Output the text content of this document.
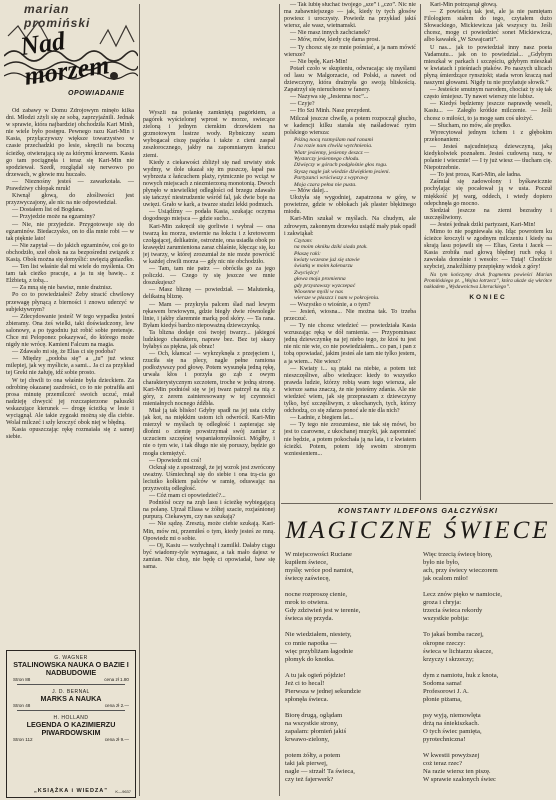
marian promiński
Nad morzem
OPOWIADANIE

Od zabawy w Domu Zdrojowym minęło kilka dni. Młodzi zżyli się ze sobą, zaprzyjaźnili. Jednak w sprawie, która najbardziej obchodziła Kari Minh, nie wiele było postępu. Pewnego razu Kari-Min i Kasia, przyłączywszy większe towarzystwo w czasie przechadzki po lesie, skręcili na boczną ścieżkę, otwierającą się za którymś krzewem. Kasia go tam pociągnęła i teraz się Kari-Min nie spodziewał. Szedł, rozglądał się nerwowo po drzewach, w głowie mu huczało.

— Nieznośny jesteś — zawarkotała. — Prawdziwy chłopak mruk!

Kiwnął głową, do złośliwości jest przyzwyczajony, ale nic na nie odpowiedział.

— Dostałem list od Bogdana.

— Przyjedzie może na egzaminy?

— Nie, nie przyjedzie. Przygotowuje się do egzaminów. Biedaczysko, on to dla mnie robi — w tak pięknie lato!

— Nie zapytał — do jakich egzaminów, coś go to obchodziło, szeł obok na za bezpośredni związek z Kasią. Obok można się domyślić: uwięzią gniazdko.

— Ten list właśnie dał mi wiele do myślenia. On tam tak cieżko pracuje, a ja tu się bawię... z Elżbietą, z tobą...

— Za mną się nie bawisz, mnie drażnisz.

Po co to powiedziałeś? Żeby stracić chwilowy przewagę płynącą z bierności i znowu uderzyć w subjektywnym?

— Zdecydowanie jesteś! W tego wypadku jesteś zbieramy. Ona żeś wielki, taki doświadczony, lew salonowy, a po tygodniu już robić sobie pretensje. Chce mi Peloponez pokazywać, do którego może nigdy nie wrócę. Kamieni Falcum na magia.

— Zdawało mi się, że Elias ci się podoba?

— Między „podoba się” a „tu” już wiesz milepiej, jak wy myślicie, a sami... Ja ci za przykład tej Greki nie żałuję, idź sobie prosto.

W tej chwili to ona właśnie była dzieckiem. Za odrobinę okazanej zazdrości, co to nie potrafiła ani prosa minutę przemilczeć swoich uczuć, miał nadzieję chwycić jej rozczapierzone paluszki wskazujące kierunek — drogę ścieżką w lesie i wyciągnął. Ale takie zygzaki możną się dla ciebie. Wolał milczeć i szły kroczyć obok niej w błędną.

Kasia opuszczając rękę rozmaiała się z samej siebie.

G. WAGNER
STALINOWSKA NAUKA O BAZIE I NADBUDOWIE
Stron 88	cena zł 1.80
J. D. BERNAL
MARKS A NAUKA
Stron 48	cena zł 2.—
H. HOLLAND
LEGENDA O KAZIMIERZU PIWARDOWSKIM
Stron 112	cena zł 9.—
„KSIĄŻKA i WIEDZA” K—9637

Wyszli na polankę zamkniętą pagórkiem, a pagórek wyścielonej wprost w morze, swiecące zieloną i jednym ciemkim drzewkiem na grzmotowym lustrze wody. Rybniczny szum wybogacał ciszę pagórka i także z cieni zaspał zeszłorocznego, jakby na zapomnianym krańcu ziemi.

Kiedy z ciekawości zbliżył się nad urwisty stok wydmy, w dole ukazał się im puszczę, łapał pas wybrzeża z łańcuchem plaży, rytmicznie po wciąż w nowych miejscach z niezmierzoną monotonią. Dwoch płynęło w niewielkiej odległości od brzegu zdawało się tańczyć niestrudzenie wśród fal, jak dwie boje na uwięzi. Grało w kark, a twarze studzi lekki podmuch.

— Usiądźmy — podała Kasia, szukając oczyma dogodnego miejsca — gdzie sucho...

Kari-Min zakręcił się gorliwie i wybrał — ona twarzą ku morzu, uwiernie na łokciu i z kretowcem czołgającej, delikatnie, ostrożnie, ona usiadła obok po krawędzi zarumieniona zaraz chlaśnie, kłęcząc się, ku jej twarzy, w której zrozumiał że nie może powrócić w każdej chwili morza — gdy nic nie obchodziło.

— Tam, tam nie patrz — obróciła go za jego policzki. — Czego ty się jeszcze we mnie doszukujesz?

— Masz bliznę — powiedział. — Malutenką, delikatną bliznę.

— Mam — przykryła palcem ślad nad lewym rękawem brwiowym, gdzie biegły dwie równoległe linie, i jakby zlaremnie marką pod skóry. — Ta rana. Byłam kiedyś bardzo niepoważną dziewczynką.

Ta blizna dodaje coś twojej twarzy... jakiegoś ludzkiego charakteru, napraw bez. Bez tej skazy byłabyś za piękna, jak obraz!

— Och, kłamca! — wykrzyknęła z przejęciem i, rzuciła się na plecy, nagle pełne ramiona podłożywszy pod głowę. Potem wysunęła jedną rękę, urwała kłos i porzyła go ząb z owym charakterystycznym szczotem, troche w jedną stronę. Kari-Min podniósł się w jej twarz patrzył na nią z góry, z zerem zainteresowany w tej czynności mieniałnych nocnego źdźbła.

Miał ją tak blisko! Gdyby spadł na jej usta cichy jak kot, na miękkim ustom ich odwrócił. Kari-Min mierzył w myślach tę odległość i zapierając się dłońmi o ziemię powstrzymał swój zamiar z uczuciem szczęśnej wspaniałomyślności. Mógłby, i nie o tym wie, i tak długo nie się poruszy, będzie go mogła ciemiężyć.

— Opowiedz mi coś!

Ocknął się z spostrzegł, że jej wzrok jest zwrócony uważny. Uśmiechnął się do siebie i ona trą-cia go leciutko kołkiem palców w ramię, oduswając na przyzwoitą odległość.

— Cóż mam ci opowiedzieć?...

Podniósł oczy na zrąb lasu i ścieżkę wybiegającą na polanę. Ujrzał Eliasa w żółtej szacie, rozjaśnionej purpurą. Ciekawym, czy nas szukają?

— Nie sądzę. Zresztą, może ciebie szukają. Kari-Min, mów mi, przemiłeś o tym, kiedy jesteś ze mną. Opowiedz mi o sobie.

— Oj, Kasiu — wzdychnął i zamilkł. Dałaby ciągu być wiadomy-tyle wymagasz, a tak mało dajesz w zamian. Nie chcę, nie będę ci opowiadał, baw się sama.

— Tak lubię słuchać twojego „sze” i „czo”. Nic nie ma zabawniejszego — jak, kiedy ty tych głosów powiesz i uroczysty. Powiedz na przykład jakiś wiersz, ale wasz, wietnamski.

— Nie masz innych zachcianek?

— Mów, mów, kiedy cię dama prosi.

— Ty chcesz się ze mnie pośmiać, a ja nam mówić wiersze?

— Nie będę, Kari-Min!

Potarł czoło w skupieniu, odwracając się myślami od lasu w Malgorzacie, od Polski, a nawet od dziewczyny, która drażnyła go swoją bliskością. Zapatrzył się nieruchomo w fanery.

— Nazywa się „Jesienna noc”...

— Czyje?

— Ho Szi Minh. Nasz prezydent.

Milczał jeszcze chwilę, a potem rozpoczął głucho, w kadencji kilku starała się naśladować rytm polskiego wiersza:

Późną nocą rozmyślam nad ranami

I na rozie nam chwila wytchnienia.

Wiatr jesienny, jesienny deszcz —

Wystarczy jesiennego chłodu.

Dźwięczy w górach podgłośnie głos rogu.

Styszę nagle jak wiedzie dźwiękiem jesieni.

Partyzanci wróciwszy z wyprawy

Moja czara pełna nie pusta.

— Mów dalej...

Ułożyła się wygodniej, zapatrzona w górę, w powietrze, gdzie w obłokach jak plaster błękitnego miodu.

Kari-Min szukał w myślach. Na chudym, ale zdrowym, zakonnym drzewku usiądź mały ptak opadł i zakwiąkał:

Czytam:

na moim okniku dziki siada ptak.

Płaszę raki:

kwiaty wczesne już się stawie

światłą w moim kalenarzu

Zwyciężcy!

głowa moja promienna

gdy przystawszy wyzczepać

Wiosenne myśli w nas

wiersze w płaszcz i nam w pokrojeniu.

— Wszystko o wiośnie, a o tym?

— Jesień, wiosna... Nie można tak. To trzeba przeczuć.

— Ty nie chcesz wiedzieć — powiedziała Kasia wzruszając ręką w dół ramienia. — Przypominasz jedną dziewczynkę na jej niebo tego, że ktoś tu jest nie nic nie wie, co nie powiedziałem... co pan, i pan z tobą opowiadać, jakim jesteś ale tam nie tylko jestem, a ja wiem... Nie wiesz?

— Kwiaty i... są ptaki na niebie, a potem też nieszczęśliwe, albo wiedzące: kiedy to wszystko prawda ludzie, którzy robią wam tego wiersza, ale wiersze sama znaczą, że nie jesteśmy zdania. Ale nie wiedzieć wiem, jak się przepraszam z dziewczyny tylko, być szczęśliwym, z ukochanych, tych, którzy odchodzą, co się zdarza ponoć ale nie dla nich?

— Ładnie, z biegiem lat...

— Ty tego nie zrozumiesz, nie tak się mówi, bo jest to czarowne, z ukochanej muzyki, jak zapomnieć nie będzie, a potem pokochała ją na lata, i z kwiatem ścieżki. Potem, potem idę swoim stromym wzniesieniem...

Kari-Min potrząsnął głową.

— Z powieścią tak jest, ale ja nie pamiętam Filologiem stałem do tego, czytałem dużo Słowackiego, Mickiewicza jak wszyscy tu. Jeśli chcesz, mogę ci powiedzieć sonet Mickiewicza, albo kawałek „W Szwajcarii”.

U nas... jak to powiedział inny nasz poeta Vadamutu... jak on to powiedział... „Gdybym mieszkał w parkach i szczęściu, gdybym mieszkał w kwiatach i pieśniach ptaków. Po naszych ulicach płyną śmierdzące rynsztoki; stada wron kraczą nad naszymi głowami. Nigdy tu nie przylatuje słowik.”

— Jesteście smutnym narodem, chociaż ty się tak często śmiejesz. Ty nawet wierszy nie lubisz.

— Kiedyś będziemy jeszcze naprawdę weseli, Kasiu... — Załegło krótkie milczenie. — Jeśli chcesz o miłości, to ja mogę sam coś ułożyć.

— Słucham, no mów, ale prędko.

Wyrecytował jednym tchem i z głębokim przekonaniem:

— Jesteś najcudniejszą dziewczyną, jaką kiedykolwiek poznałem. Jesteś cudowną razą, w polanie i wiecznie! — I ty już wiesz — tłucham cię. Niepotrzebnie.

— To jest proza, Kari-Min, ale ładna.

Zaśmiał się zadowolony i byśkawicznie pochylając się pocałował ją w usta. Poczuł miękkość jej warg, oddech, i wtedy dopiero odepchnęła go mocno.

Siedział jeszcze na ziemi bezradny i uszczęśliwiony.

— Jesteś jednak dziki partyzant, Kari-Min!

Mimo to nie pogniewała się. Idąc powrotem ku ścieżce kroczyli w zgodnym milczeniu i kiedy na skrają lasu pojawili się — Elias, Greta i Jacek — Kasia zrobiła nad głową błędnej ruch ręką i zawołała donośnie i wesoło: — Tutaj! Chodźcie szybciej, znaleźliśmy przepiękny widok z góry!

Na tym kończymy druk fragmentu powieści Marian Promińskiego pt. „Wojna łotrzecz”, która ukaże się wkrótce nakładem „Wydawnictwa Literackiego”.

KONIEC
KONSTANTY ILDEFONS GAŁCZYŃSKI
MAGICZNE ŚWIECE
W miejscowości Ruciane
kupiłem świece,
myślę: wróce pod namiot,
świecę zaświecę,

nocne rozproszę cienie,
mrok to otwiera.
Gdy zdziwień jest w terenie,
świeca się przyda.

Nie wiedziałem, niestety,
co mnie napotka —
więc przybliżam łagodnie
płomyk do knotka.

A tu jak ogień pójdzie!
Jeż ci to hecal!
Pierwsza w jednej sekundzie
spłonęła świeca.

Biorę drugą, oglądam
na wszystkie strony,
zapalam: płomień jakiś
krwawo-zielony,

potem żółty, a potem
taki jak pierwej,
nagle — strzał! Ta świeca,
czy też fajerwerk?
Więc trzecią świecę biorę,
było nie było,
ach, przy świecy wieczorem
jak ocalom miło!

Lecz znów pięko w namiocie,
groza i chryja:
trzecia świeca rekordy
wszystkie pobija:

To jakaś bomba raczej,
okropne rzeczy:
świeca w lichtarzu skacze,
krzyczy i skrzeczy;

dym z namiotu, huk z knota,
Sodoma sama!
Profesorowi J. A.
płonie piżama,

psy wyją, niemowlęta
drżą na śniekiszkach.
O tych świec pamięta,
pyrotechniczna!

W kwestii powyższej
coż teraz rzec?
Na razie wiersz ten piszę.
W sprawie szalonych świec
